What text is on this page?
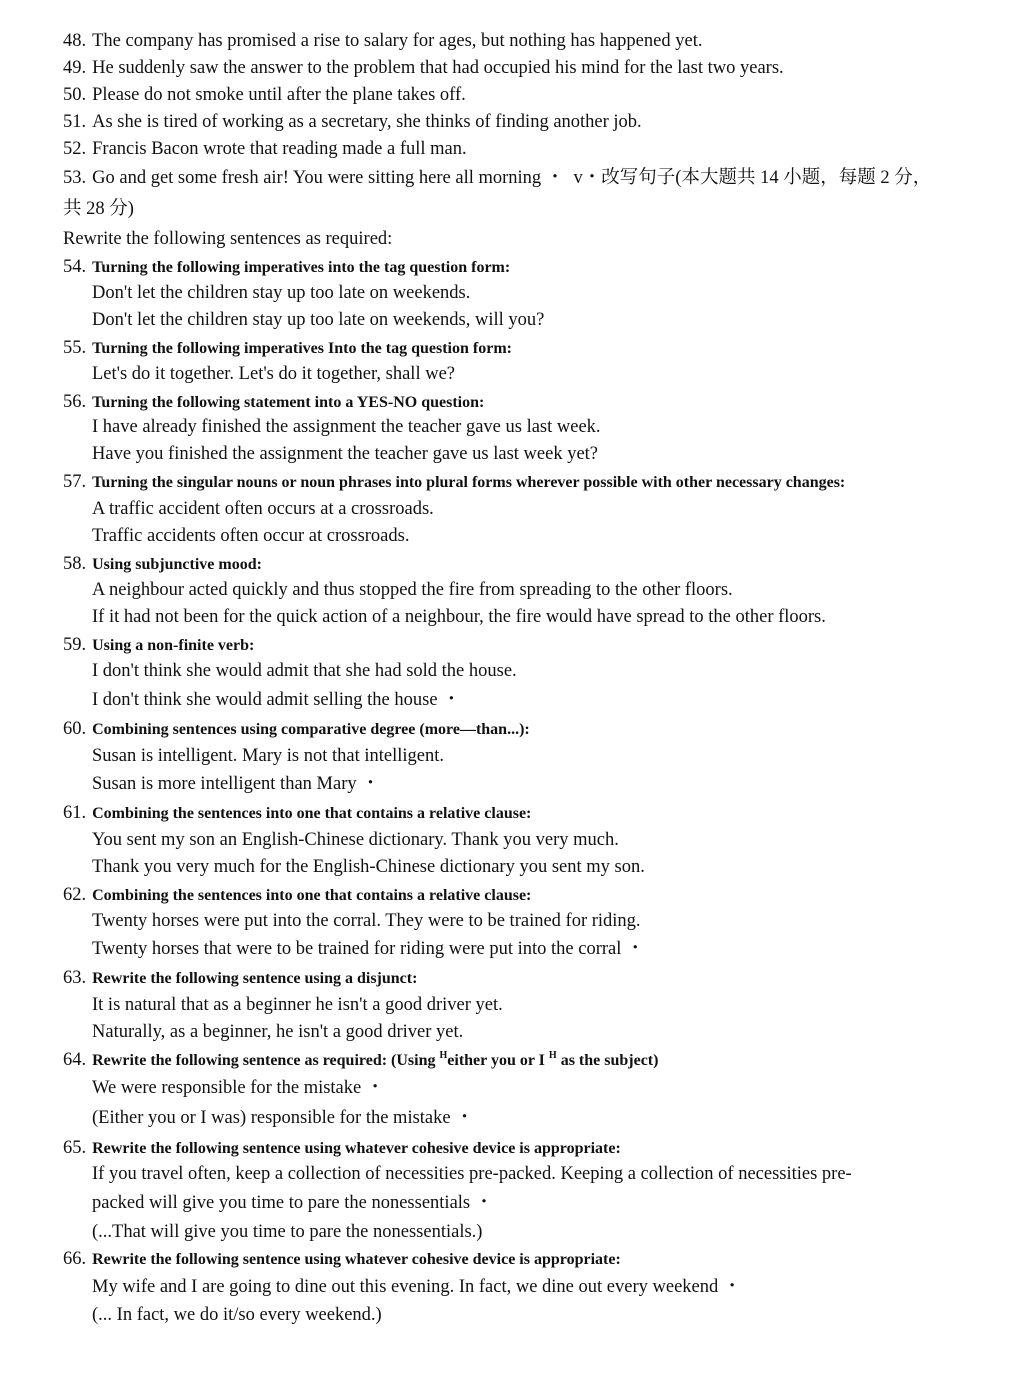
48. The company has promised a rise to salary for ages, but nothing has happened yet.
49. He suddenly saw the answer to the problem that had occupied his mind for the last two years.
50. Please do not smoke until after the plane takes off.
51. As she is tired of working as a secretary, she thinks of finding another job.
52. Francis Bacon wrote that reading made a full man.
53. Go and get some fresh air! You were sitting here all morning ・  v・改写句子(本大题共 14 小题，每题 2 分，
共 28 分)
Rewrite the following sentences as required:
54. Turning the following imperatives into the tag question form:
Don't let the children stay up too late on weekends.
Don't let the children stay up too late on weekends, will you?
55. Turning the following imperatives Into the tag question form:
Let's do it together. Let's do it together, shall we?
56. Turning the following statement into a YES-NO question:
I have already finished the assignment the teacher gave us last week.
Have you finished the assignment the teacher gave us last week yet?
57. Turning the singular nouns or noun phrases into plural forms wherever possible with other necessary changes:
A traffic accident often occurs at a crossroads.
Traffic accidents often occur at crossroads.
58. Using subjunctive mood:
A neighbour acted quickly and thus stopped the fire from spreading to the other floors.
If it had not been for the quick action of a neighbour, the fire would have spread to the other floors.
59. Using a non-finite verb:
I don't think she would admit that she had sold the house.
I don't think she would admit selling the house ・
60. Combining sentences using comparative degree (more—than...):
Susan is intelligent. Mary is not that intelligent.
Susan is more intelligent than Mary ・
61. Combining the sentences into one that contains a relative clause:
You sent my son an English-Chinese dictionary. Thank you very much.
Thank you very much for the English-Chinese dictionary you sent my son.
62. Combining the sentences into one that contains a relative clause:
Twenty horses were put into the corral. They were to be trained for riding.
Twenty horses that were to be trained for riding were put into the corral ・
63. Rewrite the following sentence using a disjunct:
It is natural that as a beginner he isn't a good driver yet.
Naturally, as a beginner, he isn't a good driver yet.
64. Rewrite the following sentence as required: (Using $^H$either you or I $^H$ as the subject)
We were responsible for the mistake ・
(Either you or I was) responsible for the mistake ・
65. Rewrite the following sentence using whatever cohesive device is appropriate:
If you travel often, keep a collection of necessities pre-packed. Keeping a collection of necessities pre-
packed will give you time to pare the nonessentials ・
(...That will give you time to pare the nonessentials.)
66. Rewrite the following sentence using whatever cohesive device is appropriate:
My wife and I are going to dine out this evening. In fact, we dine out every weekend ・
(... In fact, we do it/so every weekend.)
